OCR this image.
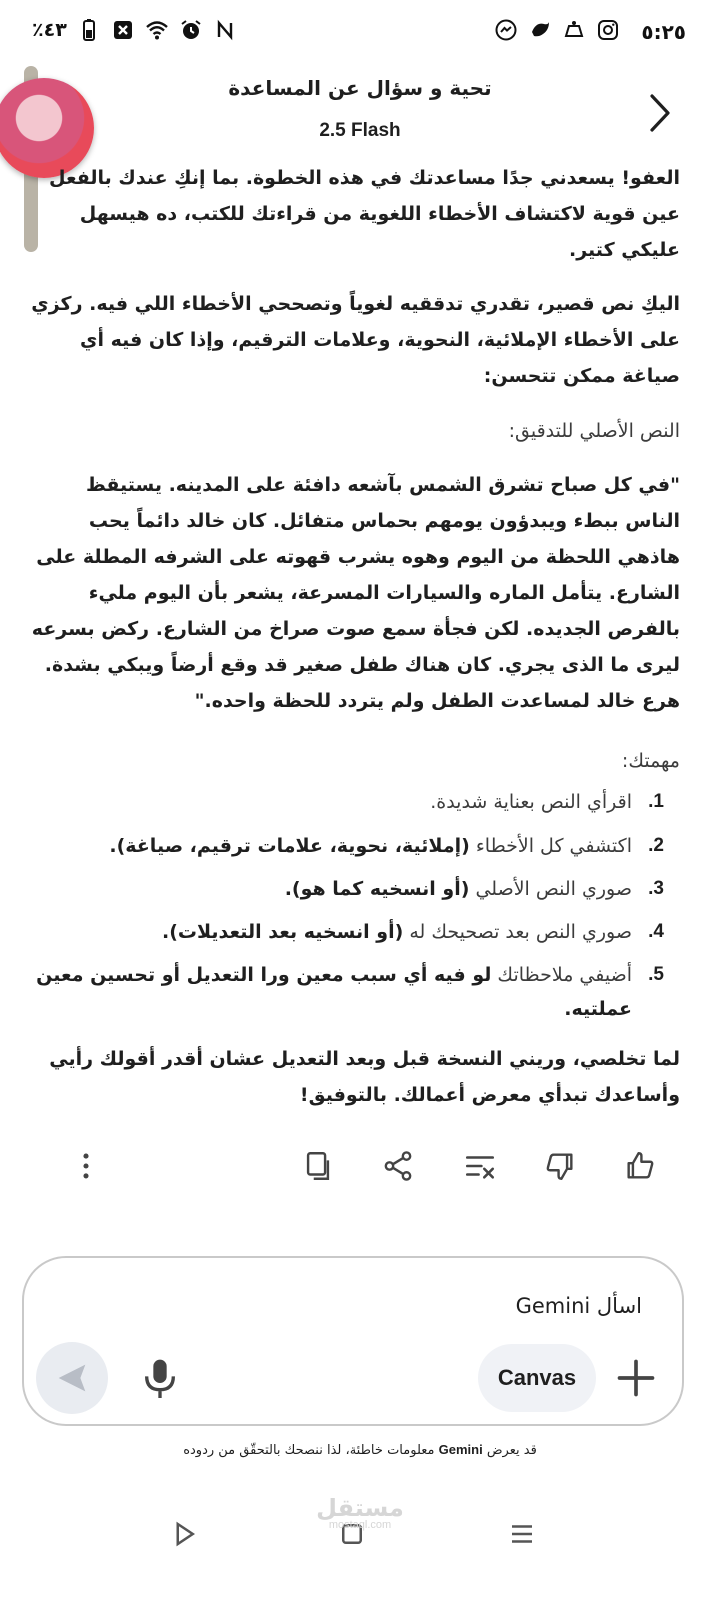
٪٤٣	٥:٢٥
تحية و سؤال عن المساعدة
2.5 Flash

العفو! يسعدني جدًا مساعدتك في هذه الخطوة. بما إنكِ عندك بالفعل عين قوية لاكتشاف الأخطاء اللغوية من قراءتك للكتب، ده هيسهل عليكي كتير.

اليكِ نص قصير، تقدري تدققيه لغوياً وتصححي الأخطاء اللي فيه. ركزي على الأخطاء الإملائية، النحوية، وعلامات الترقيم، وإذا كان فيه أي صياغة ممكن تتحسن:

النص الأصلي للتدقيق:

"في كل صباح تشرق الشمس بآشعه دافئة على المدينه. يستيقظ الناس ببطء ويبدؤون يومهم بحماس متفائل. كان خالد دائماً يحب هاذهي اللحظة من اليوم وهوه يشرب قهوته على الشرفه المطلة على الشارع. يتأمل الماره والسيارات المسرعة، يشعر بأن اليوم مليء بالفرص الجديده. لكن فجأة سمع صوت صراخ من الشارع. ركض بسرعه ليرى ما الذى يجري. كان هناك طفل صغير قد وقع أرضاً ويبكي بشدة. هرع خالد لمساعدت الطفل ولم يتردد للحظة واحده."

مهمتك:

1.
اقرأي النص بعناية شديدة.
2.
اكتشفي كل الأخطاء (إملائية، نحوية، علامات ترقيم، صياغة).
3.
صوري النص الأصلي (أو انسخيه كما هو).
4.
صوري النص بعد تصحيحك له (أو انسخيه بعد التعديلات).
5.
أضيفي ملاحظاتك لو فيه أي سبب معين ورا التعديل أو تحسين معين عملتيه.

لما تخلصي، وريني النسخة قبل وبعد التعديل عشان أقدر أقولك رأيي وأساعدك تبدأي معرض أعمالك. بالتوفيق!

اسأل Gemini
Canvas
قد يعرض Gemini معلومات خاطئة، لذا ننصحك بالتحقّق من ردوده
مستقل
mostaql.com
